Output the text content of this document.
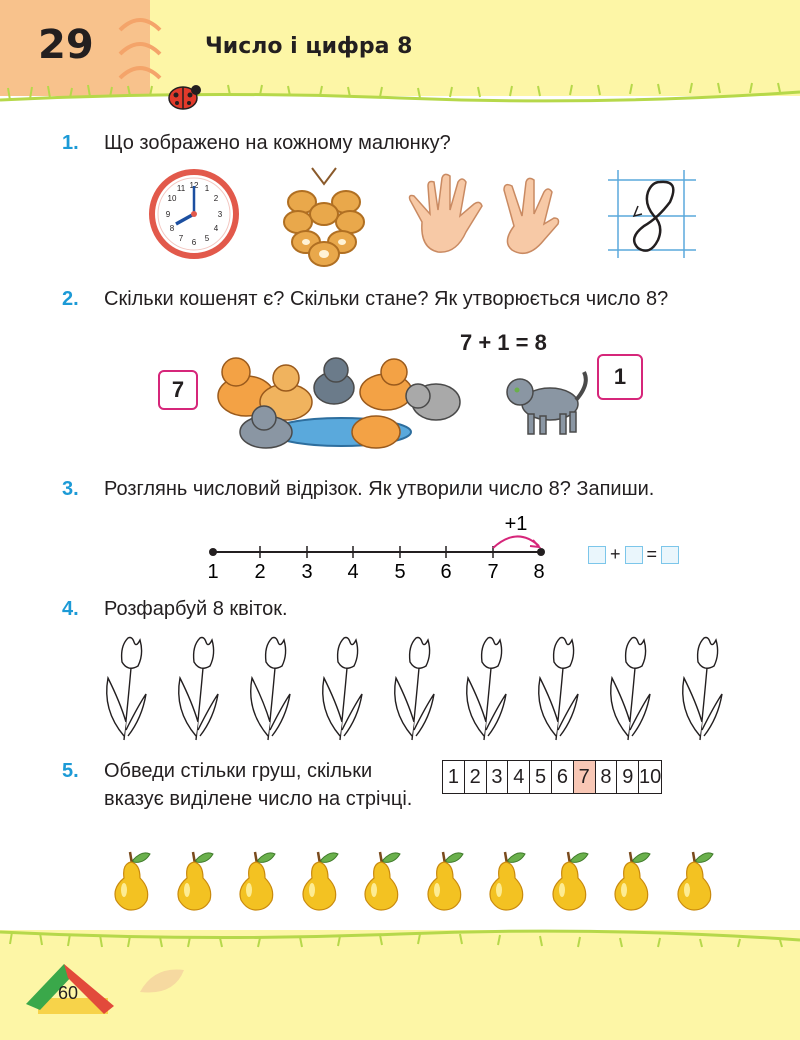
29	Число і цифра 8
1. Що зображено на кожному малюнку?
12 1
2
3
4
5
6
7
8
9
10
11
2. Скільки кошенят є? Скільки стане? Як утворюється число 8?
7 + 1 = 8
7
1
3. Розглянь числовий відрізок. Як утворили число 8? Запиши.
+1
1 2 3 4 5 6 7 8
+ =
4. Розфарбуй 8 квіток.
5. Обведи стільки груш, скільки вказує виділене число на стрічці.
1 2 3 4 5 6 7 8 9 10
60
